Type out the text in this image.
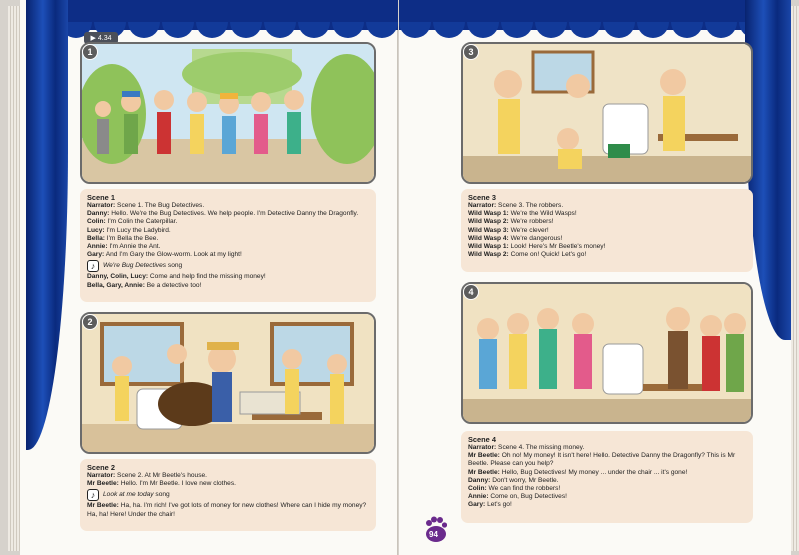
▶ 4.34
1
Scene 1
Narrator: Scene 1. The Bug Detectives.
Danny: Hello. We're the Bug Detectives. We help people. I'm Detective Danny the Dragonfly.
Colin: I'm Colin the Caterpillar.
Lucy: I'm Lucy the Ladybird.
Bella: I'm Bella the Bee.
Annie: I'm Annie the Ant.
Gary: And I'm Gary the Glow-worm. Look at my light!
♪	We're Bug Detectives song
Danny, Colin, Lucy: Come and help find the missing money!
Bella, Gary, Annie: Be a detective too!
2
Scene 2
Narrator: Scene 2. At Mr Beetle's house.
Mr Beetle: Hello. I'm Mr Beetle. I love new clothes.
♪	Look at me today song
Mr Beetle: Ha, ha. I'm rich! I've got lots of money for new clothes! Where can I hide my money? Ha, ha! Here! Under the chair!
3
Scene 3
Narrator: Scene 3. The robbers.
Wild Wasp 1: We're the Wild Wasps!
Wild Wasp 2: We're robbers!
Wild Wasp 3: We're clever!
Wild Wasp 4: We're dangerous!
Wild Wasp 1: Look! Here's Mr Beetle's money!
Wild Wasp 2: Come on! Quick! Let's go!
4
Scene 4
Narrator: Scene 4. The missing money.
Mr Beetle: Oh no! My money! It isn't here! Hello. Detective Danny the Dragonfly? This is Mr Beetle. Please can you help?
Mr Beetle: Hello, Bug Detectives! My money ... under the chair ... it's gone!
Danny: Don't worry, Mr Beetle.
Colin: We can find the robbers!
Annie: Come on, Bug Detectives!
Gary: Let's go!
94
